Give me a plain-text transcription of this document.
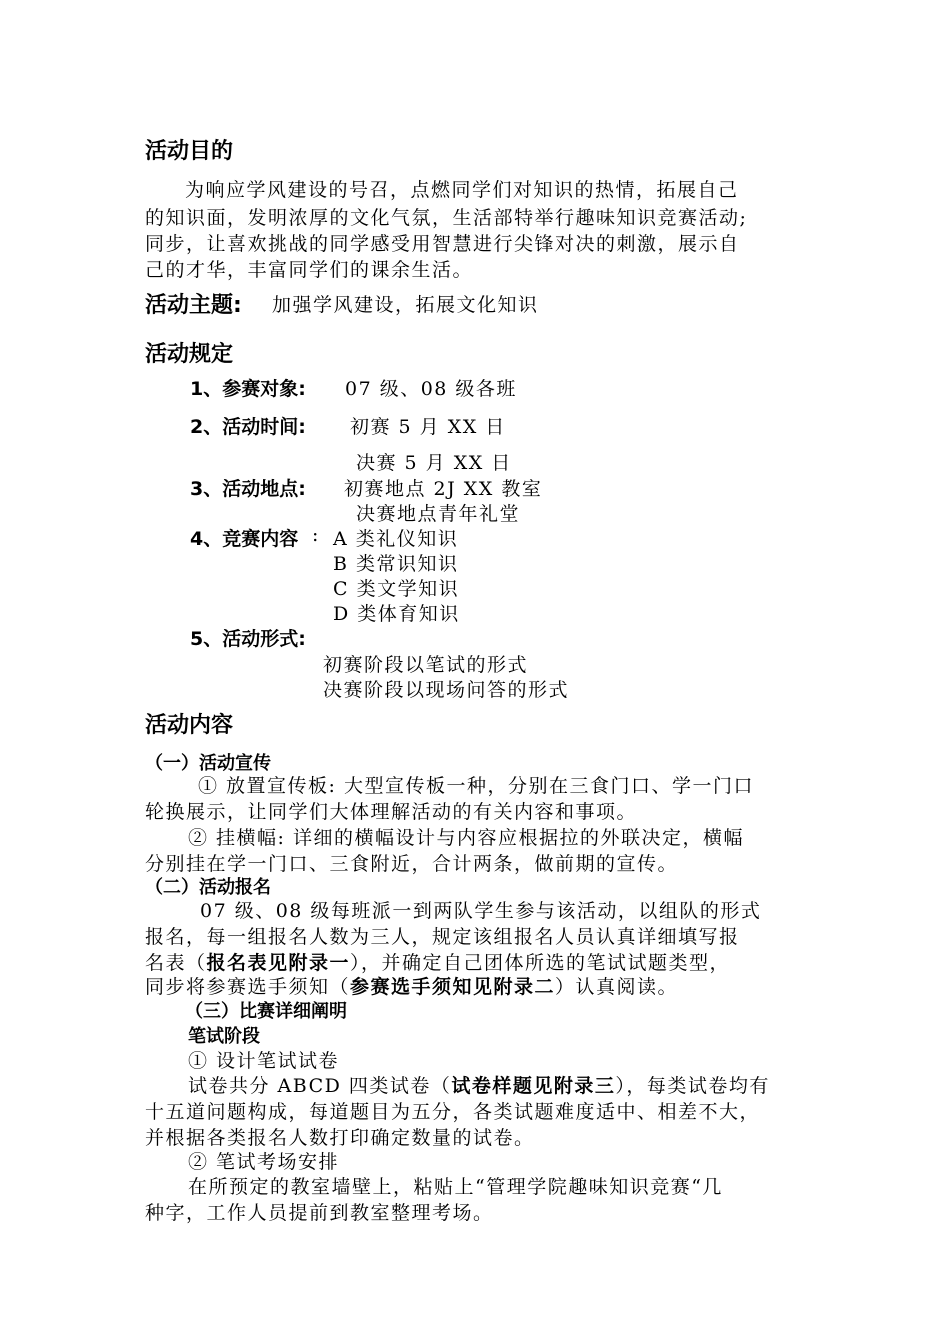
活动目的
为响应学风建设的号召，点燃同学们对知识的热情，拓展自己
的知识面，发明浓厚的文化气氛，生活部特举行趣味知识竞赛活动;
同步，让喜欢挑战的同学感受用智慧进行尖锋对决的刺激，展示自
己的才华，丰富同学们的课余生活。
活动主题: 加强学风建设，拓展文化知识
活动规定
1、参赛对象: 07 级、08 级各班
2、活动时间: 初赛 5 月 XX 日
决赛 5 月 XX 日
3、活动地点: 初赛地点 2J XX 教室
决赛地点青年礼堂
4、竞赛内容 : A 类礼仪知识
B 类常识知识
C 类文学知识
D 类体育知识
5、活动形式:
初赛阶段以笔试的形式
决赛阶段以现场问答的形式
活动内容
（一）活动宣传
① 放置宣传板: 大型宣传板一种，分别在三食门口、学一门口
轮换展示，让同学们大体理解活动的有关内容和事项。
② 挂横幅: 详细的横幅设计与内容应根据拉的外联决定，横幅
分别挂在学一门口、三食附近，合计两条，做前期的宣传。
（二）活动报名
07 级、08 级每班派一到两队学生参与该活动，以组队的形式
报名，每一组报名人数为三人，规定该组报名人员认真详细填写报
名表（报名表见附录一），并确定自己团体所选的笔试试题类型，
同步将参赛选手须知（参赛选手须知见附录二）认真阅读。
（三）比赛详细阐明
笔试阶段
① 设计笔试试卷
试卷共分 ABCD 四类试卷（试卷样题见附录三），每类试卷均有
十五道问题构成，每道题目为五分，各类试题难度适中、相差不大，
并根据各类报名人数打印确定数量的试卷。
② 笔试考场安排
在所预定的教室墙壁上，粘贴上“管理学院趣味知识竞赛“几
种字，工作人员提前到教室整理考场。
